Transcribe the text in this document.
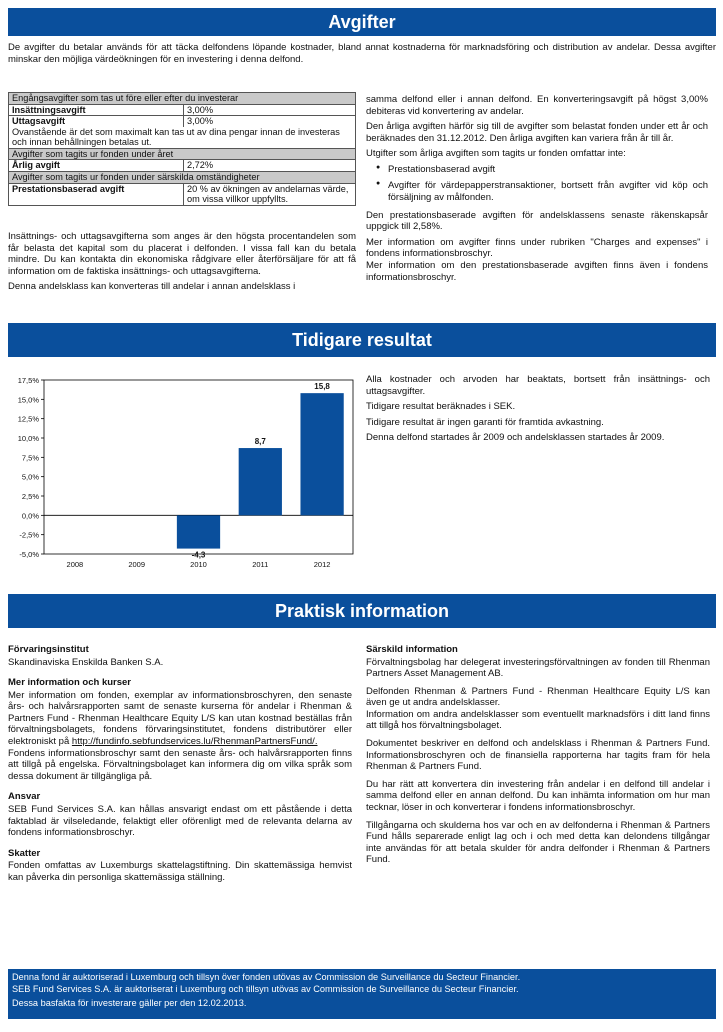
Avgifter
De avgifter du betalar används för att täcka delfondens löpande kostnader, bland annat kostnaderna för marknadsföring och distribution av andelar. Dessa avgifter minskar den möjliga värdeökningen för en investering i denna delfond.
Engångsavgifter som tas ut före eller efter du investerar	
Insättningsavgift	3,00%
Uttagsavgift	3,00%
Ovanstående är det som maximalt kan tas ut av dina pengar innan de investeras och innan behållningen betalas ut.	
Avgifter som tagits ur fonden under året	
Årlig avgift	2,72%
Avgifter som tagits ur fonden under särskilda omständigheter	
Prestationsbaserad avgift	20 % av ökningen av andelarnas värde, om vissa villkor uppfyllts.

Insättnings- och uttagsavgifterna som anges är den högsta procentandelen som får belasta det kapital som du placerat i delfonden. I vissa fall kan du betala mindre. Du kan kontakta din ekonomiska rådgivare eller återförsäljare för att få information om de faktiska insättnings- och uttagsavgifterna.

Denna andelsklass kan konverteras till andelar i annan andelsklass i

samma delfond eller i annan delfond. En konverteringsavgift på högst 3,00% debiteras vid konvertering av andelar.

Den årliga avgiften härför sig till de avgifter som belastat fonden under ett år och beräknades den 31.12.2012. Den årliga avgiften kan variera från år till år.

Utgifter som årliga avgiften som tagits ur fonden omfattar inte:

● Prestationsbaserad avgift
● Avgifter för värdepapperstransaktioner, bortsett från avgifter vid köp och försäljning av målfonden.

Den prestationsbaserade avgiften för andelsklassens senaste räkenskapsår uppgick till 2,58%.

Mer information om avgifter finns under rubriken "Charges and expenses" i fondens informationsbroschyr.

Mer information om den prestationsbaserade avgiften finns även i fondens informationsbroschyr.

Tidigare resultat
17,5%
15,0%
12,5%
10,0%
7,5%
5,0%
2,5%
0,0%
-2,5%
-5,0%
2008	2009	2010
-4,3
2011
8,7
2012
15,8

Alla kostnader och arvoden har beaktats, bortsett från insättnings- och uttagsavgifter.

Tidigare resultat beräknades i SEK.

Tidigare resultat är ingen garanti för framtida avkastning.

Denna delfond startades år 2009 och andelsklassen startades år 2009.

Praktisk information
Förvaringsinstitut

Skandinaviska Enskilda Banken S.A.

Mer information och kurser

Mer information om fonden, exemplar av informationsbroschyren, den senaste års- och halvårsrapporten samt de senaste kurserna för andelar i Rhenman & Partners Fund - Rhenman Healthcare Equity L/S kan utan kostnad beställas från förvaltningsbolagets, fondens förvaringsinstitutet, fondens distributörer eller elektroniskt på http://fundinfo.sebfundservices.lu/RhenmanPartnersFund/.

Fondens informationsbroschyr samt den senaste års- och halvårsrapporten finns att tillgå på engelska. Förvaltningsbolaget kan informera dig om vilka språk som dessa dokument är tillgängliga på.

Ansvar

SEB Fund Services S.A. kan hållas ansvarigt endast om ett påstående i detta faktablad är vilseledande, felaktigt eller oförenligt med de relevanta delarna av fondens informationsbroschyr.

Skatter

Fonden omfattas av Luxemburgs skattelagstiftning. Din skattemässiga hemvist kan påverka din personliga skattemässiga ställning.

Särskild information

Förvaltningsbolag har delegerat investeringsförvaltningen av fonden till Rhenman Partners Asset Management AB.

Delfonden Rhenman & Partners Fund - Rhenman Healthcare Equity L/S kan även ge ut andra andelsklasser.

Information om andra andelsklasser som eventuellt marknadsförs i ditt land finns att tillgå hos förvaltningsbolaget.

Dokumentet beskriver en delfond och andelsklass i Rhenman & Partners Fund. Informationsbroschyren och de finansiella rapporterna har tagits fram för hela Rhenman & Partners Fund.

Du har rätt att konvertera din investering från andelar i en delfond till andelar i samma delfond eller en annan delfond. Du kan inhämta information om hur man tecknar, löser in och konverterar i fondens informationsbroschyr.

Tillgångarna och skulderna hos var och en av delfonderna i Rhenman & Partners Fund hålls separerade enligt lag och i och med detta kan delondens tillgångar inte användas för att betala skulder för andra delfonder i Rhenman & Partners Fund.

Denna fond är auktoriserad i Luxemburg och tillsyn över fonden utövas av Commission de Surveillance du Secteur Financier.
SEB Fund Services S.A. är auktoriserat i Luxemburg och tillsyn utövas av Commission de Surveillance du Secteur Financier.
Dessa basfakta för investerare gäller per den 12.02.2013.
